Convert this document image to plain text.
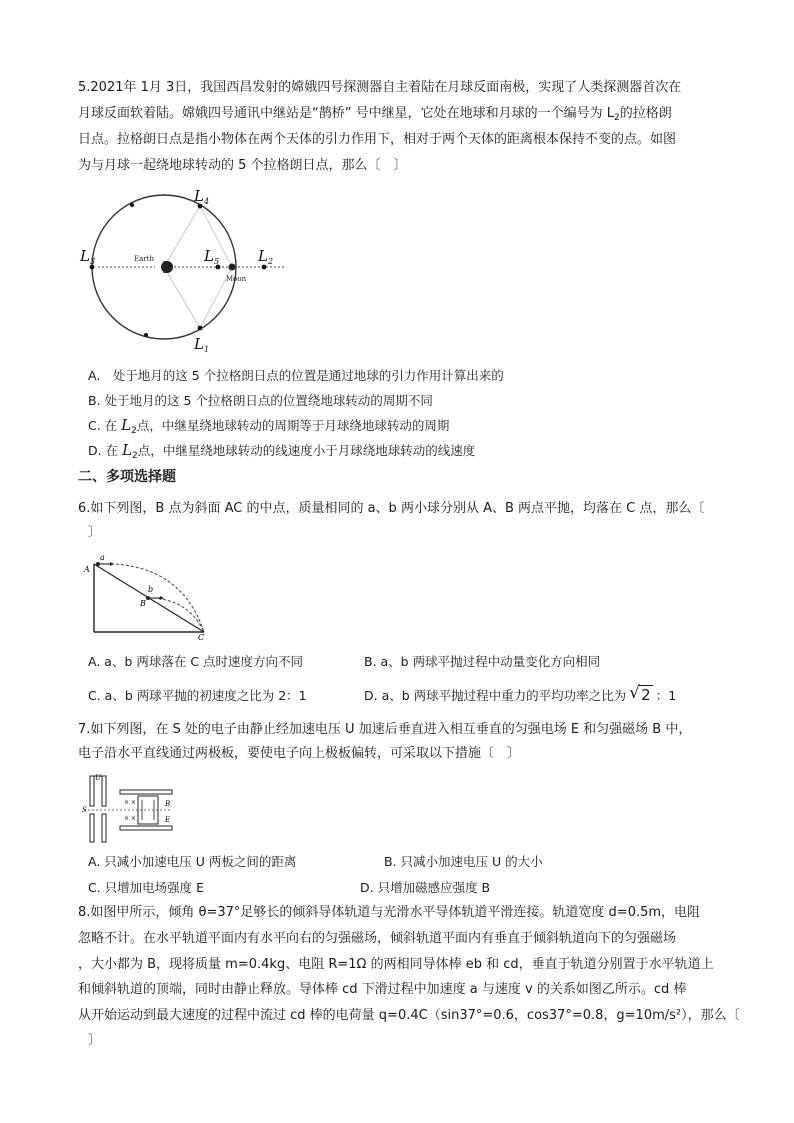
5.2021年 1月 3日，我国西昌发射的嫦娥四号探测器自主着陆在月球反面南极，实现了人类探测器首次在
月球反面软着陆。嫦娥四号通讯中继站是“鹊桥” 号中继星，它处在地球和月球的一个编号为 $L_2$的拉格朗
日点。拉格朗日点是指小物体在两个天体的引力作用下，相对于两个天体的距离根本保持不变的点。如图
为与月球一起绕地球转动的 5 个拉格朗日点，那么〔　〕
Earth
Moon
$L_4$
$L_3$	$L_5$	$L_2$
$L_1$
A.　处于地月的这 5 个拉格朗日点的位置是通过地球的引力作用计算出来的
B. 处于地月的这 5 个拉格朗日点的位置绕地球转动的周期不同
C. 在 $L_2$点，中继星绕地球转动的周期等于月球绕地球转动的周期
D. 在 $L_2$点，中继星绕地球转动的线速度小于月球绕地球转动的线速度
二、多项选择题
6.如下列图，B 点为斜面 AC 的中点，质量相同的 a、b 两小球分别从 A、B 两点平抛，均落在 C 点，那么〔
〕
A
a
b
B
C
A. a、b 两球落在 C 点时速度方向不同	B. a、b 两球平抛过程中动量变化方向相同
C. a、b 两球平抛的初速度之比为 2：1	D. a、b 两球平抛过程中重力的平均功率之比为 √ 2 ：1
7.如下列图，在 S 处的电子由静止经加速电压 U 加速后垂直进入相互垂直的匀强电场 E 和匀强磁场 B 中，
电子沿水平直线通过两极板，要使电子向上极板偏转，可采取以下措施〔　〕
× ×
× ×
U
S
B
E
A. 只减小加速电压 U 两板之间的距离	B. 只减小加速电压 U 的大小
C. 只增加电场强度 E	D. 只增加磁感应强度 B
8.如图甲所示，倾角 θ=37°足够长的倾斜导体轨道与光滑水平导体轨道平滑连接。轨道宽度 d=0.5m，电阻
忽略不计。在水平轨道平面内有水平向右的匀强磁场，倾斜轨道平面内有垂直于倾斜轨道向下的匀强磁场
，大小都为 B，现将质量 m=0.4kg、电阻 R=1Ω 的两相同导体棒 eb 和 cd，垂直于轨道分别置于水平轨道上
和倾斜轨道的顶端，同时由静止释放。导体棒 cd 下滑过程中加速度 a 与速度 v 的关系如图乙所示。cd 棒
从开始运动到最大速度的过程中流过 cd 棒的电荷量 q=0.4C（sin37°=0.6，cos37°=0.8，g=10m/s²），那么〔
〕
